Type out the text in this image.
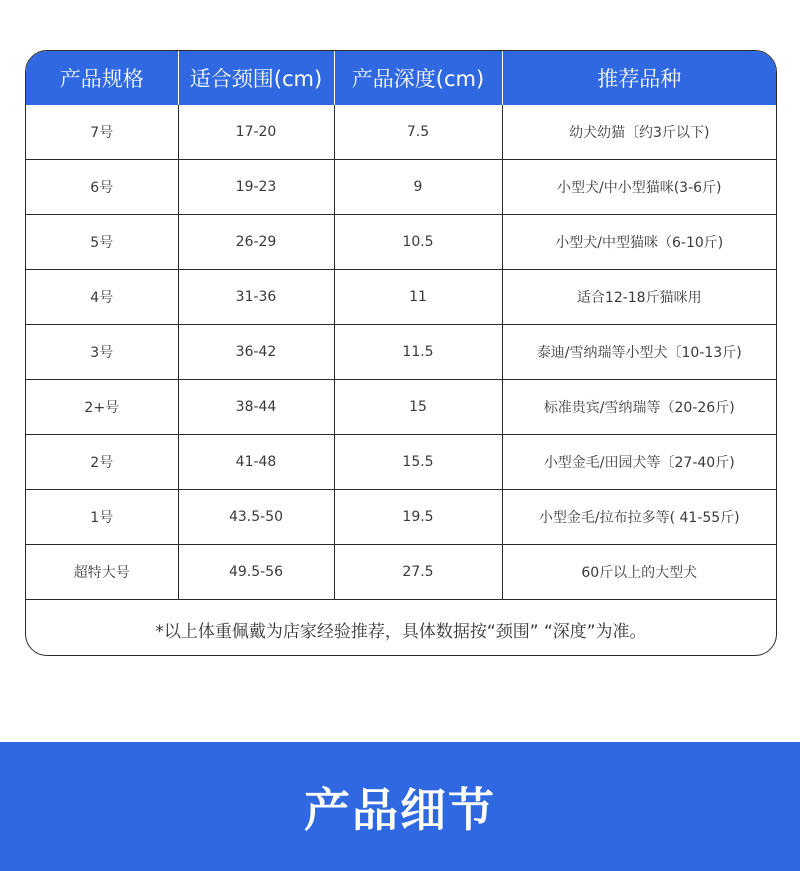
产品规格	适合颈围(cm)	产品深度(cm)	推荐品种
7号	17-20	7.5	幼犬幼猫〔约3斤以下)
6号	19-23	9	小型犬/中小型猫咪(3-6斤)
5号	26-29	10.5	小型犬/中型猫咪（6-10斤)
4号	31-36	11	适合12-18斤猫咪用
3号	36-42	11.5	泰迪/雪纳瑞等小型犬〔10-13斤)
2+号	38-44	15	标准贵宾/雪纳瑞等（20-26斤)
2号	41-48	15.5	小型金毛/田园犬等〔27-40斤)
1号	43.5-50	19.5	小型金毛/拉布拉多等( 41-55斤)
超特大号	49.5-56	27.5	60斤以上的大型犬
*以上体重佩戴为店家经验推荐，具体数据按“颈围” “深度”为准。			
产品细节
